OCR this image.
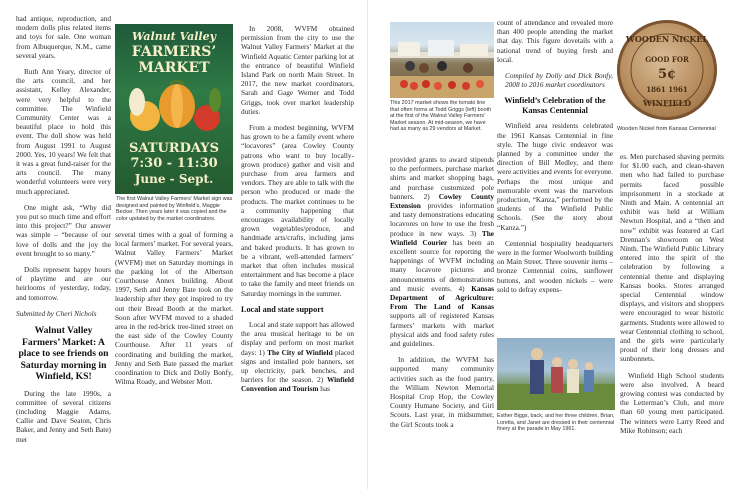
had antique, reproduction, and modern dolls plus related items and toys for sale. One woman from Albuquerque, N.M., came several years.

Ruth Ann Yeary, director of the arts council, and her assistant, Kelley Alexander, were very helpful to the committee. The Winfield Community Center was a beautiful place to hold this event. The doll show was held from August 1991 to August 2000. Yes, 10 years! We felt that it was a great fund-raiser for the arts council. The many wonderful volunteers were very much appreciated.

One might ask, “Why did you put so much time and effort into this project?” Our answer was simple – “because of our love of dolls and the joy the event brought to so many.”

Dolls represent happy hours of playtime and are our heirlooms of yesterday, today, and tomorrow.

Submitted by Cheri Nichols

Walnut Valley Farmers’ Market: A place to see friends on Saturday morning in Winfield, KS!

During the late 1990s, a committee of several citizens (including Maggie Adams, Callie and Dave Seaton, Chris Baker, and Jenny and Seth Bate) met

Walnut Valley
FARMERS’
MARKET
SATURDAYS
7:30 - 11:30
June - Sept.
The first Walnut Valley Farmers’ Market sign was designed and painted by Winfield’s, Maggie Becker. Then years later it was copied and the color updated by the market coordinators.

several times with a goal of forming a local farmers’ market. For several years, Walnut Valley Farmers’ Market (WVFM) met on Saturday mornings in the parking lot of the Albertson Courthouse Annex building. About 1997, Seth and Jenny Bate took on the leadership after they got inspired to try out their Bread Booth at the market. Soon after WVFM moved to a shaded area in the red-brick tree-lined street on the east side of the Cowley County Courthouse. After 11 years of coordinating and building the market, Jenny and Seth Bate passed the market coordination to Dick and Dolly Bonfy, Wilma Roady, and Webster Mott.

In 2008, WVFM obtained permission from the city to use the Walnut Valley Farmers’ Market at the Winfield Aquatic Center parking lot at the entrance of beautiful Winfield Island Park on north Main Street. In 2017, the new market coordinators, Sarah and Gage Werner and Todd Griggs, took over market leadership duties.

From a modest beginning, WVFM has grown to be a family event where “locavores” (area Cowley County patrons who want to buy locally-grown produce) gather and visit and purchase from area farmers and vendors. They are able to talk with the person who produced or made the products. The market continues to be a community happening that encourages availability of locally grown vegetables/produce, and handmade arts/crafts, including jams and baked products. It has grown to be a vibrant, well-attended farmers’ market that often includes musical entertainment and has become a place to take the family and meet friends on Saturday mornings in the summer.

Local and state support

Local and state support has allowed the area musical heritage to be on display and perform on most market days: 1) The City of Winfield placed signs and installed pole banners, set up electricity, park benches, and barriers for the season. 2) Winfield Convention and Tourism has

This 2017 market shows the tomato line that often forms at Todd Griggs (left) booth at the first of the Walnut Valley Farmers’ Market season. At mid-season, we have had as many as 29 vendors at Market.

provided grants to award stipends to the performers, purchase market shirts and market shopping bags, and purchase customized pole banners. 2) Cowley County Extension provides information and tasty demonstrations educating locavores on how to use the fresh produce in new ways. 3) The Winfield Courier has been an excellent source for reporting the happenings of WVFM including many locavore pictures and announcements of demonstrations and music events. 4) Kansas Department of Agriculture: From The Land of Kansas supports all of registered Kansas farmers’ markets with market physical aids and food safety rules and guidelines.

In addition, the WVFM has supported many community activities such as the food pantry, the William Newton Memorial Hospital Crop Hop, the Cowley County Humane Society, and Girl Scouts. Last year, in midsummer, the Girl Scouts took a

count of attendance and revealed more than 400 people attending the market that day. This figure dovetails with a national trend of buying fresh and local.

Compiled by Dolly and Dick Bonfy, 2008 to 2016 market coordinators

Winfield’s Celebration of the Kansas Centennial

Winfield area residents celebrated the 1961 Kansas Centennial in fine style. The huge civic endeavor was planned by a committee under the direction of Bill Medley, and there were activities and events for everyone. Perhaps the most unique and memorable event was the marvelous production, “Kanza,” performed by the students of the Winfield Public Schools. (See the story about “Kanza.”)

Centennial hospitality headquarters were in the former Woolworth building on Main Street. Three souvenir items – bronze Centennial coins, sunflower buttons, and wooden nickels – were sold to defray expens-

Esther Biggs, back, and her three children, Brian, Loretta, and Janet are dressed in their centennial finery at the parade in May 1961.
WOODEN NICKEL
GOOD FOR
5¢
1861 1961
WINFIELD
Wooden Nickel from Kansas Centennial

es. Men purchased shaving permits for $1.00 each, and clean-shaven men who had failed to purchase permits faced possible imprisonment in a stockade at Ninth and Main. A centennial art exhibit was held at William Newton Hospital, and a “then and now” exhibit was featured at Carl Drennan’s showroom on West Ninth. The Winfield Public Library entered into the spirit of the celebration by following a centennial theme and displaying Kansas books. Stores arranged special Centennial window displays, and visitors and shoppers were encouraged to wear historic garments. Students were allowed to wear Centennial clothing to school, and the girls were particularly proud of their long dresses and sunbonnets.

Winfield High School students were also involved. A beard growing contest was conducted by the Letterman’s Club, and more than 60 young men participated. The winners were Larry Reed and Mike Robinson; each
